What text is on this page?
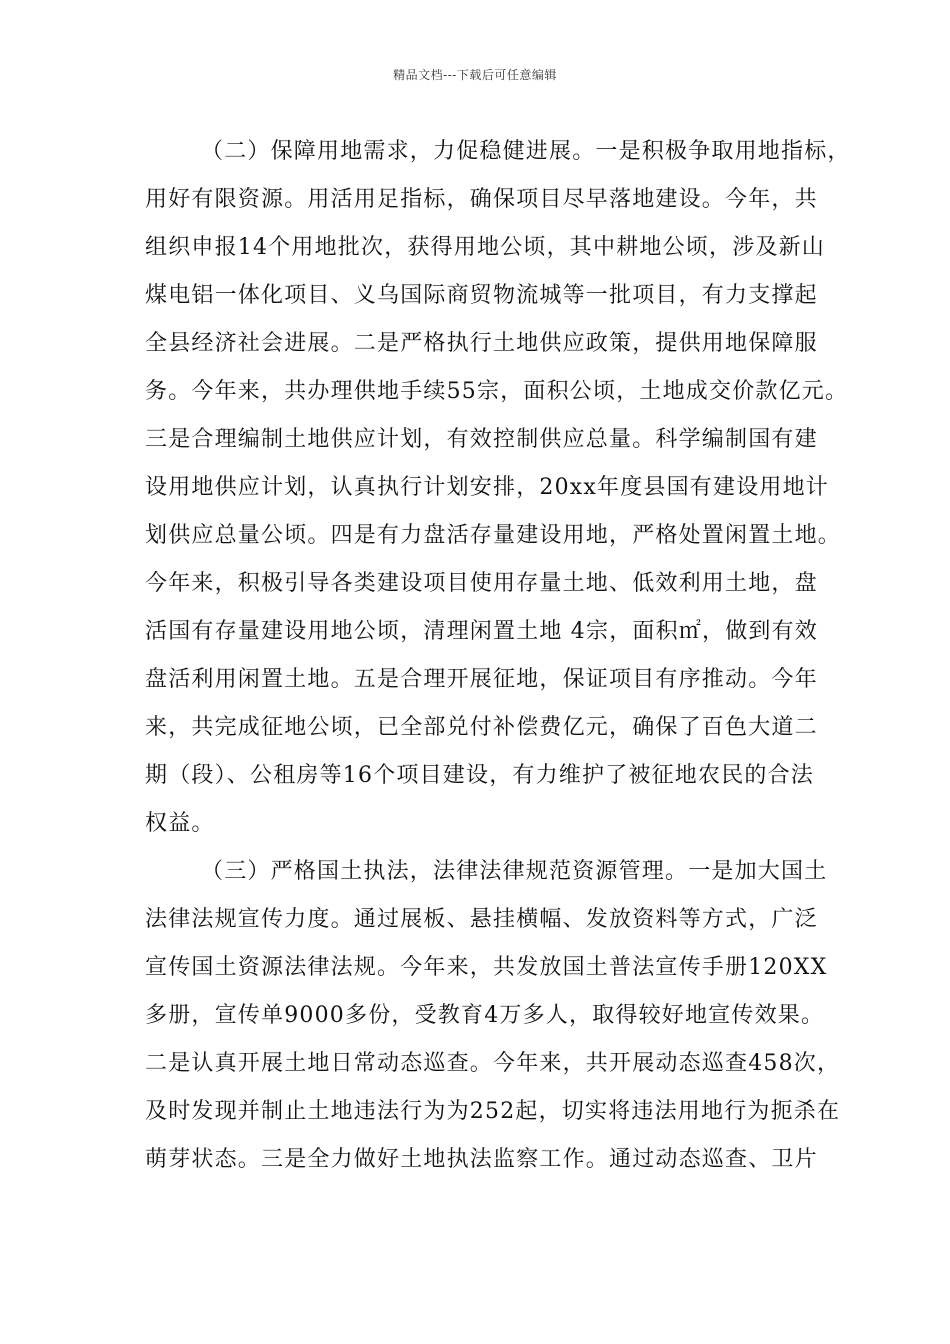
精品文档---下载后可任意编辑
（二）保障用地需求，力促稳健进展。一是积极争取用地指标，
用好有限资源。用活用足指标，确保项目尽早落地建设。今年，共
组织申报14个用地批次，获得用地公顷，其中耕地公顷，涉及新山
煤电铝一体化项目、义乌国际商贸物流城等一批项目，有力支撑起
全县经济社会进展。二是严格执行土地供应政策，提供用地保障服
务。今年来，共办理供地手续55宗，面积公顷，土地成交价款亿元。
三是合理编制土地供应计划，有效控制供应总量。科学编制国有建
设用地供应计划，认真执行计划安排，20xx年度县国有建设用地计
划供应总量公顷。四是有力盘活存量建设用地，严格处置闲置土地。
今年来，积极引导各类建设项目使用存量土地、低效利用土地，盘
活国有存量建设用地公顷，清理闲置土地 4宗，面积㎡，做到有效
盘活利用闲置土地。五是合理开展征地，保证项目有序推动。今年
来，共完成征地公顷，已全部兑付补偿费亿元，确保了百色大道二
期（段）、公租房等16个项目建设，有力维护了被征地农民的合法
权益。
（三）严格国土执法，法律法律规范资源管理。一是加大国土
法律法规宣传力度。通过展板、悬挂横幅、发放资料等方式，广泛
宣传国土资源法律法规。今年来，共发放国土普法宣传手册120XX
多册，宣传单9000多份，受教育4万多人，取得较好地宣传效果。
二是认真开展土地日常动态巡查。今年来，共开展动态巡查458次，
及时发现并制止土地违法行为为252起，切实将违法用地行为扼杀在
萌芽状态。三是全力做好土地执法监察工作。通过动态巡查、卫片
